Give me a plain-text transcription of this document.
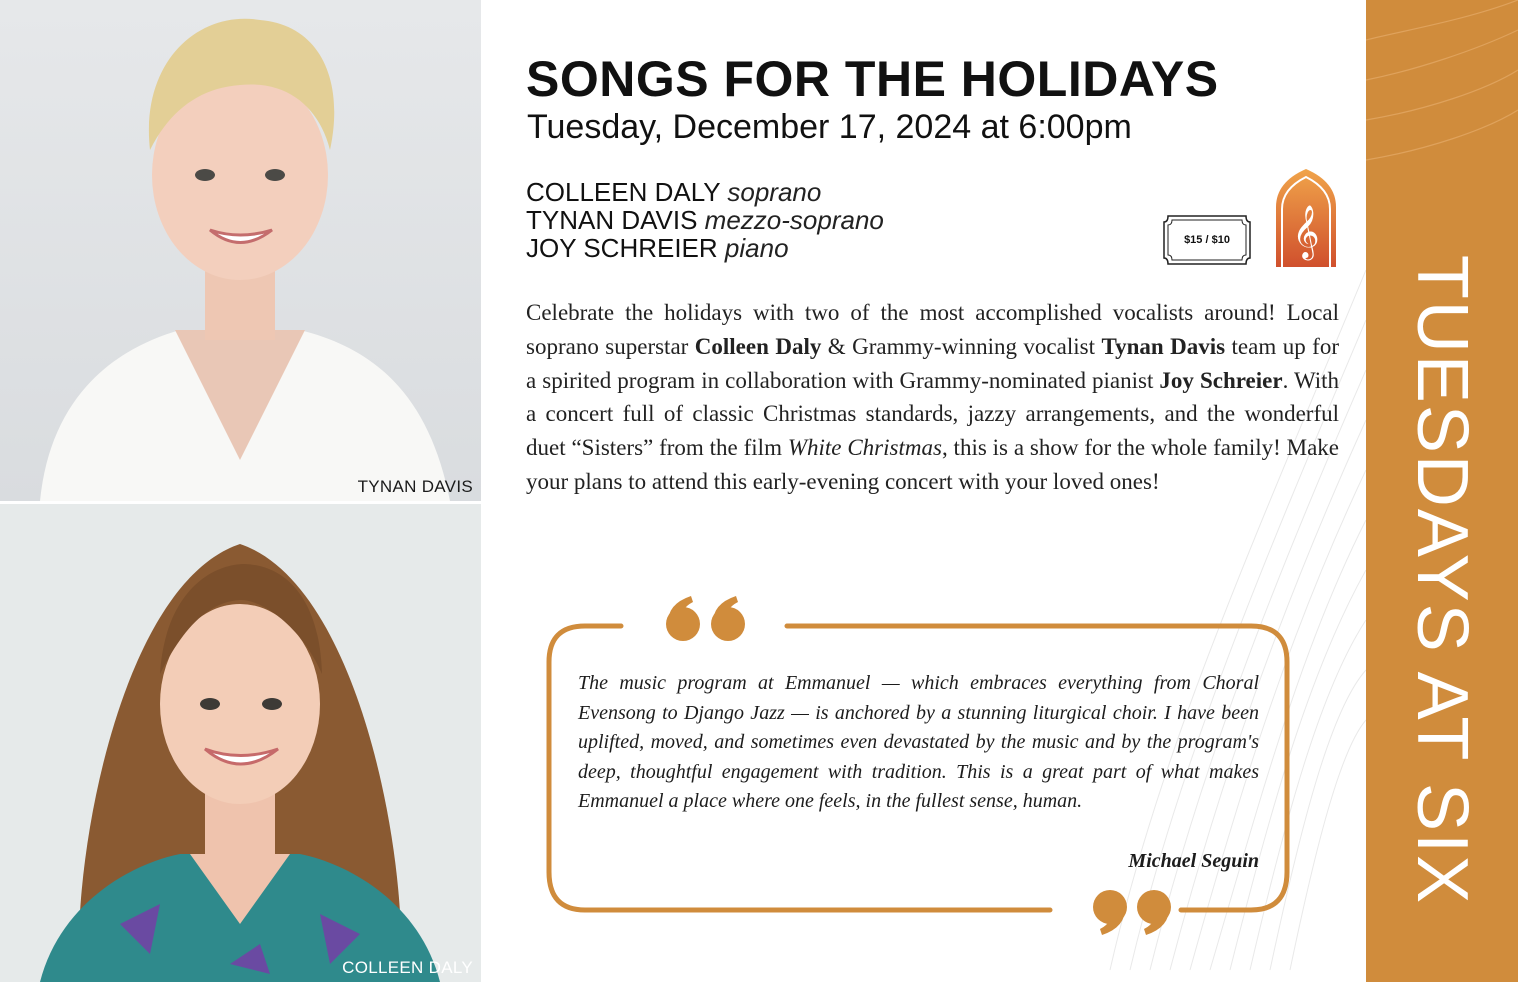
TYNAN DAVIS
COLLEEN DALY
SONGS FOR THE HOLIDAYS
Tuesday, December 17, 2024 at 6:00pm
COLLEEN DALY soprano
TYNAN DAVIS mezzo-soprano
JOY SCHREIER piano	$15 / $10	𝄞

Celebrate the holidays with two of the most accomplished vocalists around! Local soprano superstar Colleen Daly & Grammy-winning vocalist Tynan Davis team up for a spirited program in collaboration with Grammy-nominated pianist Joy Schreier. With a concert full of classic Christmas standards, jazzy arrangements, and the wonderful duet “Sisters” from the film White Christmas, this is a show for the whole family! Make your plans to attend this early-evening concert with your loved ones!

The music program at Emmanuel — which embraces everything from Choral Evensong to Django Jazz — is anchored by a stunning liturgical choir. I have been uplifted, moved, and sometimes even devastated by the music and by the program's deep, thoughtful engagement with tradition. This is a great part of what makes Emmanuel a place where one feels, in the fullest sense, human.

Michael Seguin TUESDAYS AT SIX
